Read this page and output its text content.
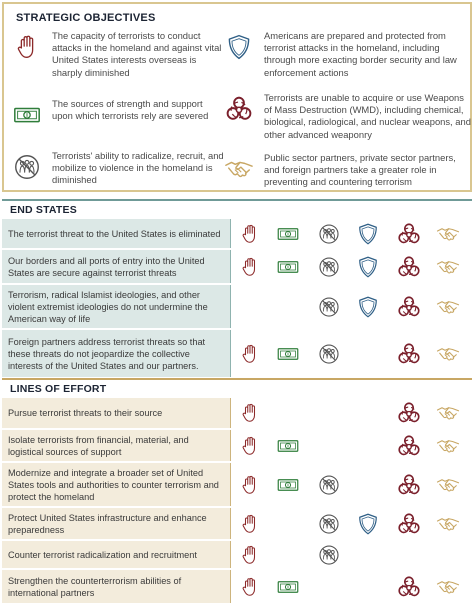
STRATEGIC OBJECTIVES
The capacity of terrorists to conduct attacks in the homeland and against vital United States interests overseas is sharply diminished
Americans are prepared and protected from terrorist attacks in the homeland, including through more exacting border security and law enforcement actions
The sources of strength and support upon which terrorists rely are severed
Terrorists are unable to acquire or use Weapons of Mass Destruction (WMD), including chemical, biological, radiological, and nuclear weapons, and other advanced weaponry
Terrorists' ability to radicalize, recruit, and mobilize to violence in the homeland is diminished
Public sector partners, private sector partners, and foreign partners take a greater role in preventing and countering terrorism
END STATES
The terrorist threat to the United States is eliminated
Our borders and all ports of entry into the United States are secure against terrorist threats
Terrorism, radical Islamist ideologies, and other violent extremist ideologies do not undermine the American way of life
Foreign partners address terrorist threats so that these threats do not jeopardize the collective interests of the United States and our partners.
LINES OF EFFORT
Pursue terrorist threats to their source
Isolate terrorists from financial, material, and logistical sources of support
Modernize and integrate a broader set of United States tools and authorities to counter terrorism and protect the homeland
Protect United States infrastructure and enhance preparedness
Counter terrorist radicalization and recruitment
Strengthen the counterterrorism abilities of international partners
